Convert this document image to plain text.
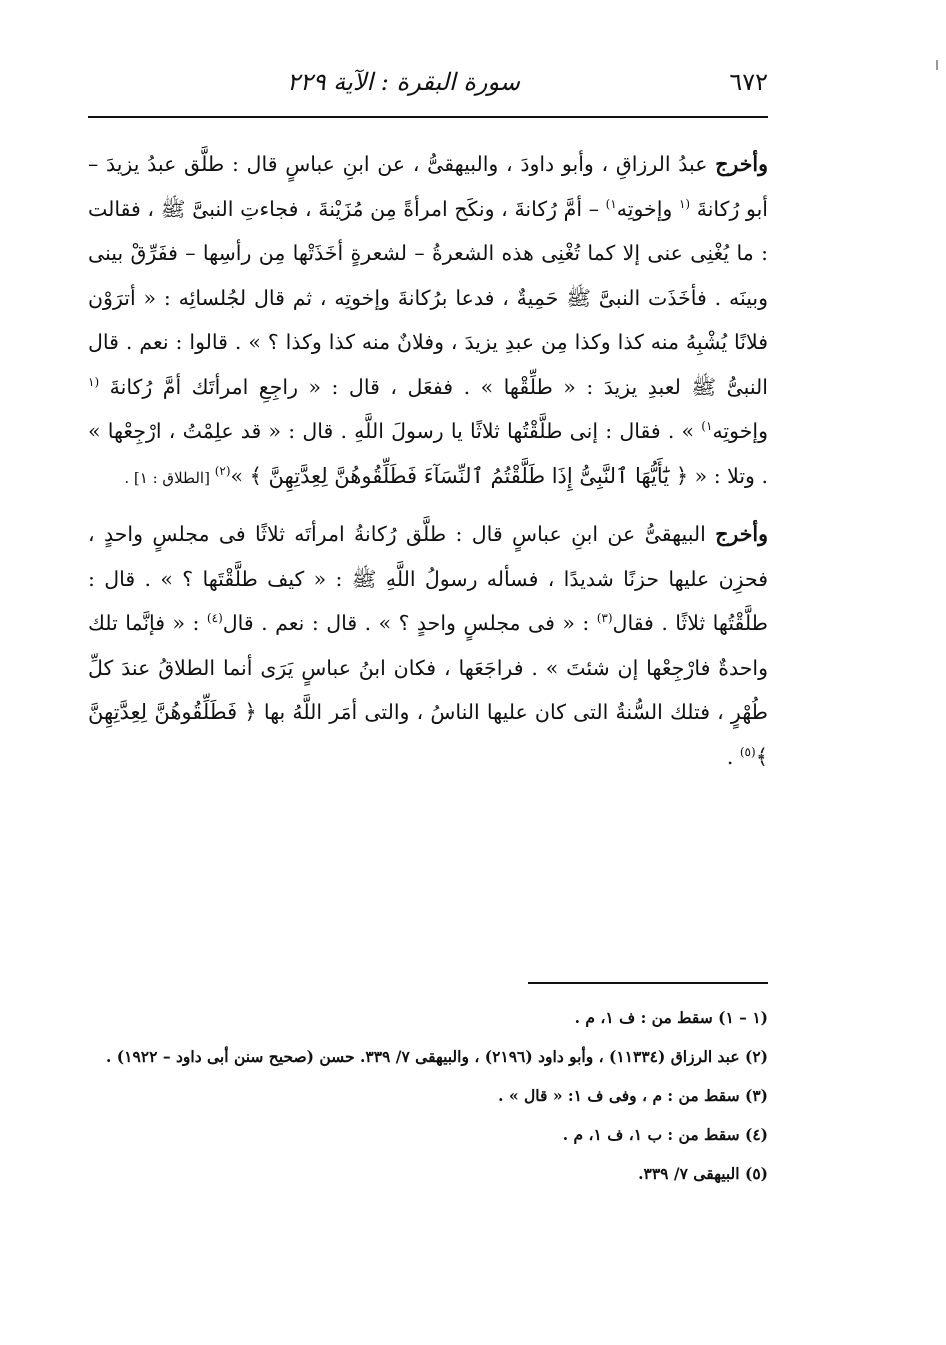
٦٧٢
سورة البقرة : الآية ٢٢٩

وأخرج عبدُ الرزاقِ ، وأبو داودَ ، والبيهقىُّ ، عن ابنِ عباسٍ قال : طلَّق عبدُ يزيدَ – أبو رُكانةَ $^{(١}$ وإخوتِه$^{١)}$ – أمَّ رُكانةَ ، ونكَح امرأةً مِن مُزَيْنةَ ، فجاءتِ النبىَّ ﷺ ، فقالت : ما يُغْنِى عنى إلا كما تُغْنِى هذه الشعرةُ – لشعرةٍ أخَذَتْها مِن رأسِها – ففَرِّقْ بينى وبينَه . فأخَذَت النبىَّ ﷺ حَمِيةٌ ، فدعا برُكانةَ وإخوتِه ، ثم قال لجُلسائِه : « أترَوْن فلانًا يُشْبِهُ منه كذا وكذا مِن عبدِ يزيدَ ، وفلانٌ منه كذا وكذا ؟ » . قالوا : نعم . قال النبىُّ ﷺ لعبدِ يزيدَ : « طلِّقْها » . ففعَل ، قال : « راجِعِ امرأتَك أمَّ رُكانةَ $^{(١}$ وإخوتِه$^{١)}$ » . فقال : إنى طلَّقْتُها ثلاثًا يا رسولَ اللَّهِ . قال : « قد علِمْتُ ، ارْجِعْها » . وتلا : « ﴿ يَٰٓأَيُّهَا ٱلنَّبِىُّ إِذَا طَلَّقْتُمُ ٱلنِّسَآءَ فَطَلِّقُوهُنَّ لِعِدَّتِهِنَّ ﴾ »$^{(٢)}$ [الطلاق : ١] .

وأخرج البيهقىُّ عن ابنِ عباسٍ قال : طلَّق رُكانةُ امرأتَه ثلاثًا فى مجلسٍ واحدٍ ، فحزِن عليها حزنًا شديدًا ، فسأله رسولُ اللَّهِ ﷺ : « كيف طلَّقْتَها ؟ » . قال : طلَّقْتُها ثلاثًا . فقال$^{(٣)}$ : « فى مجلسٍ واحدٍ ؟ » . قال : نعم . قال$^{(٤)}$ : « فإنَّما تلك واحدةٌ فارْجِعْها إن شئتَ » . فراجَعَها ، فكان ابنُ عباسٍ يَرَى أنما الطلاقُ عندَ كلِّ طُهْرٍ ، فتلك السُّنةُ التى كان عليها الناسُ ، والتى أمَر اللَّهُ بها ﴿ فَطَلِّقُوهُنَّ لِعِدَّتِهِنَّ ﴾$^{(٥)}$ .

(١ – ١) سقط من : ف ١، م .

(٢) عبد الرزاق (١١٣٣٤) ، وأبو داود (٢١٩٦) ، والبيهقى ٧/ ٣٣٩. حسن (صحيح سنن أبى داود – ١٩٢٢) .

(٣) سقط من : م ، وفى ف ١: « قال » .

(٤) سقط من : ب ١، ف ١، م .

(٥) البيهقى ٧/ ٣٣٩.
